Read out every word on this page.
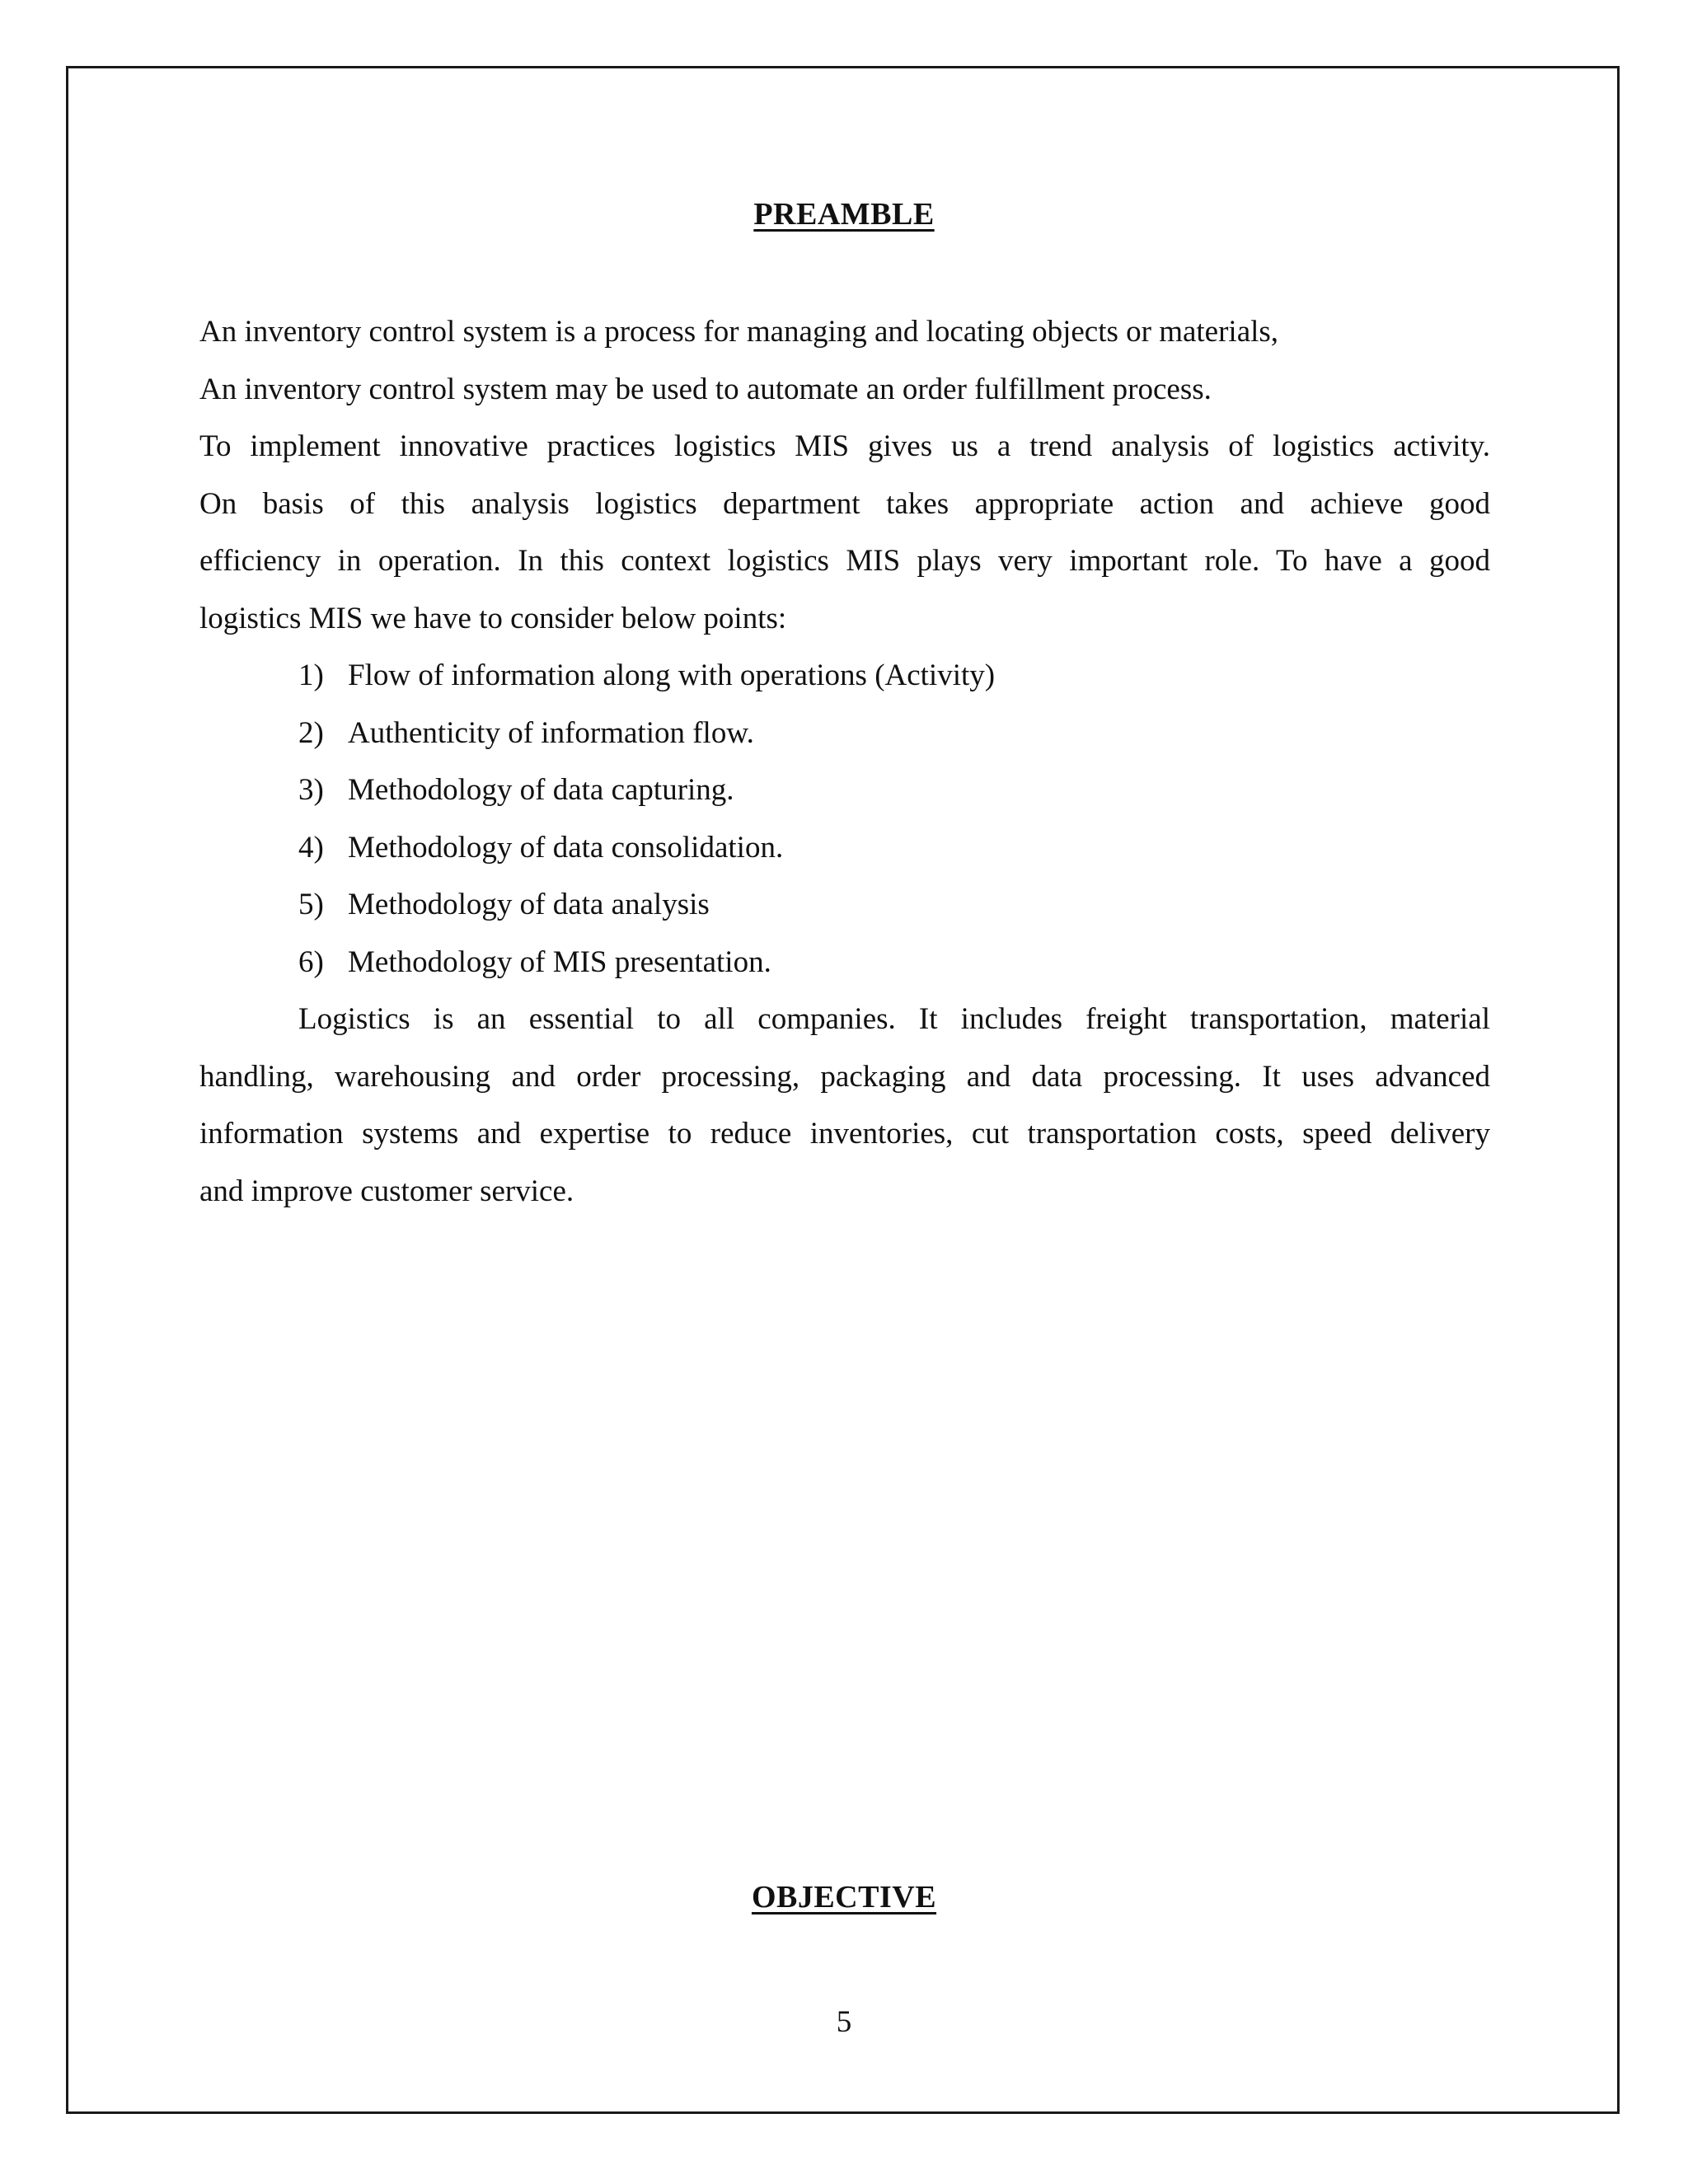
PREAMBLE
An inventory control system is a process for managing and locating objects or materials,
An inventory control system may be used to automate an order fulfillment process.
To implement innovative practices logistics MIS gives us a trend analysis of logistics activity.
On basis of this analysis logistics department takes appropriate action and achieve good
efficiency in operation. In this context logistics MIS plays very important role. To have a good
logistics MIS we have to consider below points:
1) Flow of information along with operations (Activity)
2) Authenticity of information flow.
3) Methodology of data capturing.
4) Methodology of data consolidation.
5) Methodology of data analysis
6) Methodology of MIS presentation.
Logistics is an essential to all companies. It includes freight transportation, material
handling, warehousing and order processing, packaging and data processing. It uses advanced
information systems and expertise to reduce inventories, cut transportation costs, speed delivery
and improve customer service.
OBJECTIVE
5
